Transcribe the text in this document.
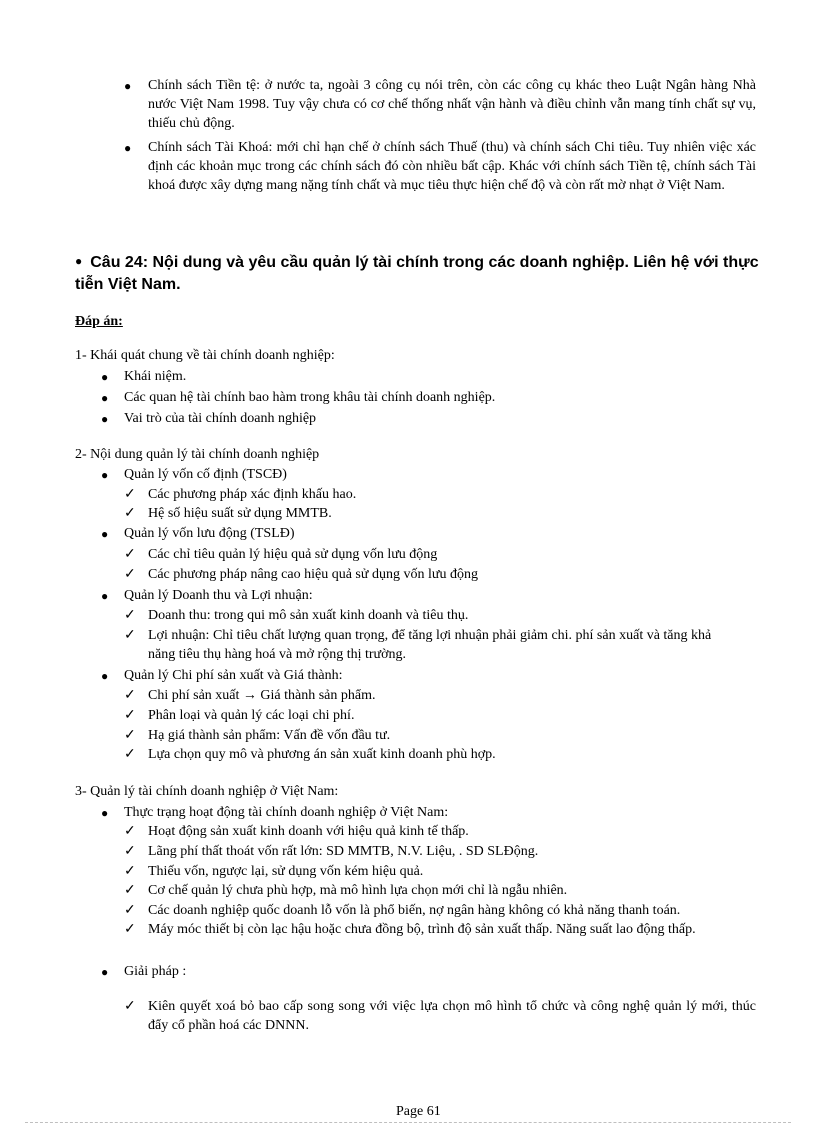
● Chính sách Tiền tệ: ở nước ta, ngoài 3 công cụ nói trên, còn các công cụ khác theo Luật Ngân hàng Nhà nước Việt Nam 1998. Tuy vậy chưa có cơ chế thống nhất vận hành và điều chỉnh vẫn mang tính chất sự vụ, thiếu chủ động.
● Chính sách Tài Khoá: mới chỉ hạn chế ở chính sách Thuế (thu) và chính sách Chi tiêu. Tuy nhiên việc xác định các khoản mục trong các chính sách đó còn nhiều bất cập. Khác với chính sách Tiền tệ, chính sách Tài khoá được xây dựng mang nặng tính chất và mục tiêu thực hiện chế độ và còn rất mờ nhạt ở Việt Nam.
● Câu 24: Nội dung và yêu cầu quản lý tài chính trong các doanh nghiệp. Liên hệ với thực tiễn Việt Nam.
Đáp án:
1- Khái quát chung về tài chính doanh nghiệp:
● Khái niệm.
● Các quan hệ tài chính bao hàm trong khâu tài chính doanh nghiệp.
● Vai trò của tài chính doanh nghiệp
2- Nội dung quản lý tài chính doanh nghiệp
● Quản lý vốn cố định (TSCĐ)
✓ Các phương pháp xác định khấu hao.
✓ Hệ số hiệu suất sử dụng MMTB.
● Quản lý vốn lưu động (TSLĐ)
✓ Các chỉ tiêu quản lý hiệu quả sử dụng vốn lưu động
✓ Các phương pháp nâng cao hiệu quả sử dụng vốn lưu động
● Quản lý Doanh thu và Lợi nhuận:
✓ Doanh thu: trong qui mô sản xuất kinh doanh và tiêu thụ.
✓ Lợi nhuận: Chỉ tiêu chất lượng quan trọng, để tăng lợi nhuận phải giảm chi. phí sản xuất và tăng khả năng tiêu thụ hàng hoá và mở rộng thị trường.
● Quản lý Chi phí sản xuất và Giá thành:
✓ Chi phí sản xuất → Giá thành sản phẩm.
✓ Phân loại và quản lý các loại chi phí.
✓ Hạ giá thành sản phẩm: Vấn đề vốn đầu tư.
✓ Lựa chọn quy mô và phương án sản xuất kinh doanh phù hợp.
3- Quản lý tài chính doanh nghiệp ở Việt Nam:
● Thực trạng hoạt động tài chính doanh nghiệp ở Việt Nam:
✓ Hoạt động sản xuất kinh doanh với hiệu quả kinh tế thấp.
✓ Lãng phí thất thoát vốn rất lớn: SD MMTB, N.V. Liệu, . SD SLĐộng.
✓ Thiếu vốn, ngược lại, sử dụng vốn kém hiệu quả.
✓ Cơ chế quản lý chưa phù hợp, mà mô hình lựa chọn mới chỉ là ngẫu nhiên.
✓ Các doanh nghiệp quốc doanh lỗ vốn là phổ biến, nợ ngân hàng không có khả năng thanh toán.
✓ Máy móc thiết bị còn lạc hậu hoặc chưa đồng bộ, trình độ sản xuất thấp. Năng suất lao động thấp.
● Giải pháp :
✓ Kiên quyết xoá bỏ bao cấp song song với việc lựa chọn mô hình tổ chức và công nghệ quản lý mới, thúc đẩy cổ phần hoá các DNNN.
Page 61
